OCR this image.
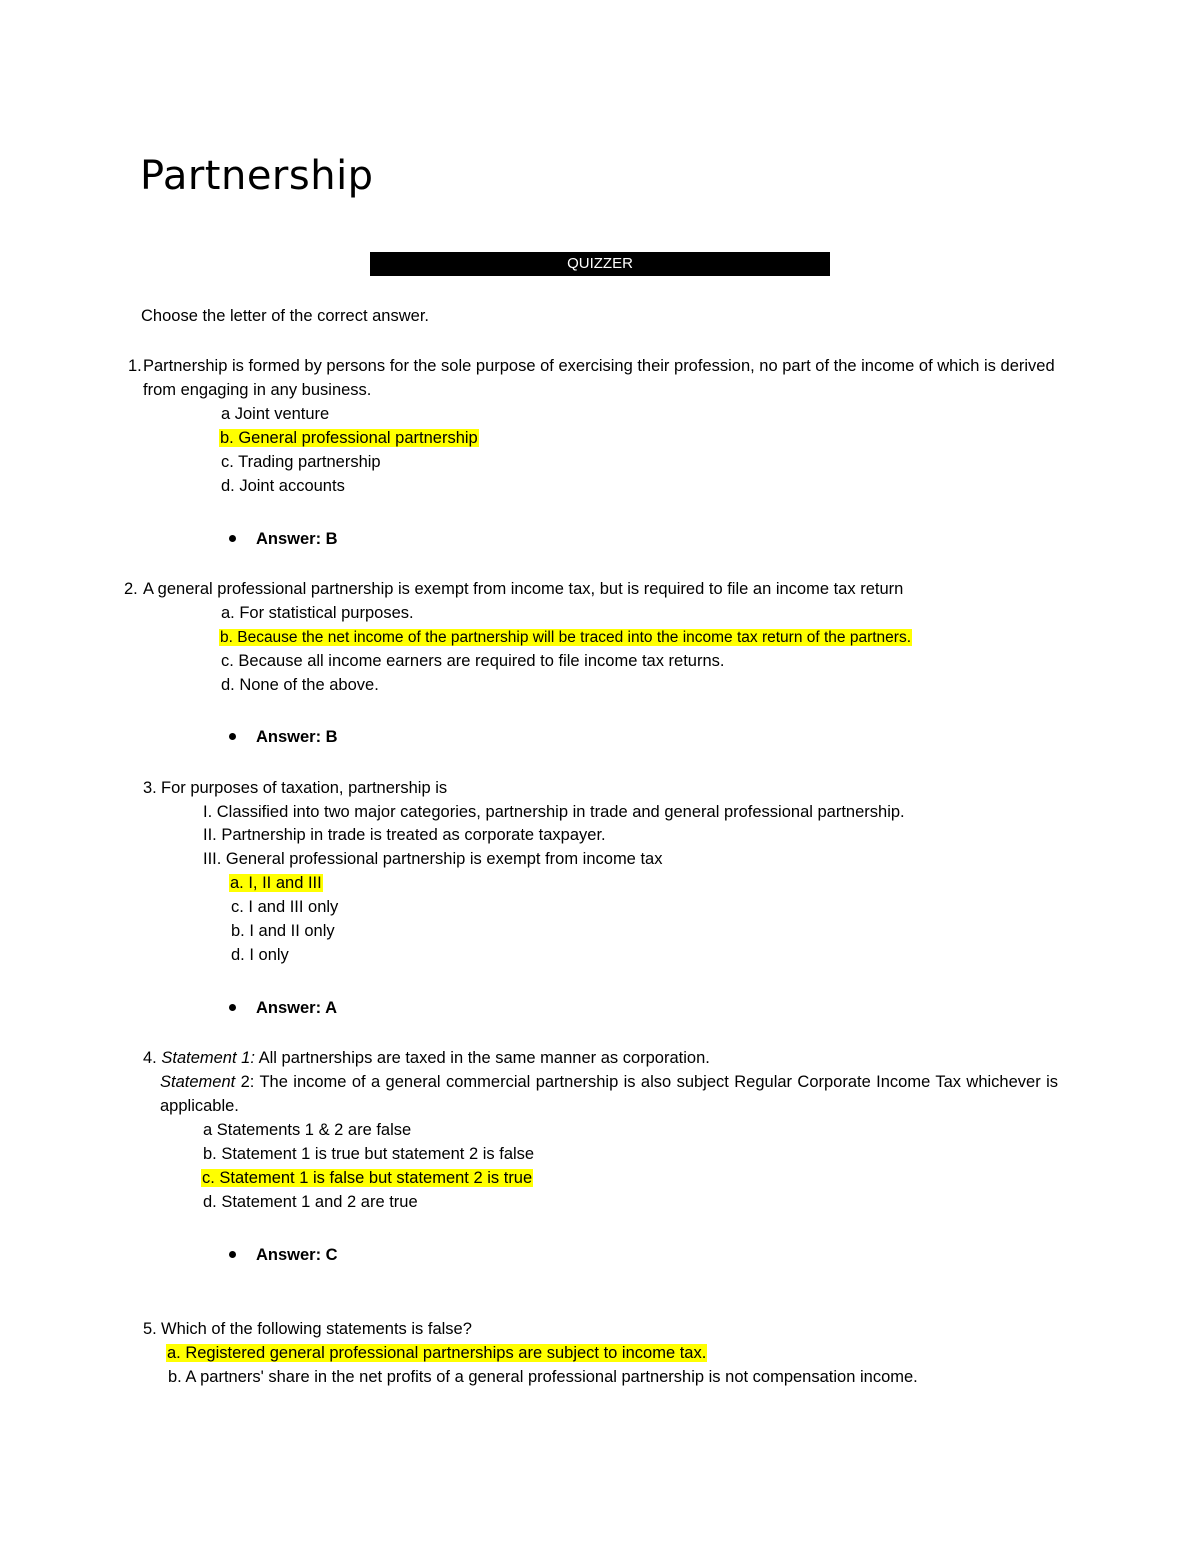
Partnership
QUIZZER
Choose the letter of the correct answer.
1. Partnership is formed by persons for the sole purpose of exercising their profession, no part of the income of which is derived from engaging in any business.
a Joint venture
b. General professional partnership
c. Trading partnership
d. Joint accounts
Answer: B
2. A general professional partnership is exempt from income tax, but is required to file an income tax return
a. For statistical purposes.
b. Because the net income of the partnership will be traced into the income tax return of the partners.
c. Because all income earners are required to file income tax returns.
d. None of the above.
Answer: B
3. For purposes of taxation, partnership is
I. Classified into two major categories, partnership in trade and general professional partnership.
II. Partnership in trade is treated as corporate taxpayer.
III. General professional partnership is exempt from income tax
a. I, II and III
c. I and III only
b. I and II only
d. I only
Answer: A
4. Statement 1: All partnerships are taxed in the same manner as corporation.
Statement 2: The income of a general commercial partnership is also subject Regular Corporate Income Tax whichever is applicable.
a Statements 1 & 2 are false
b. Statement 1 is true but statement 2 is false
c. Statement 1 is false but statement 2 is true
d. Statement 1 and 2 are true
Answer: C
5. Which of the following statements is false?
a. Registered general professional partnerships are subject to income tax.
b. A partners' share in the net profits of a general professional partnership is not compensation income.
